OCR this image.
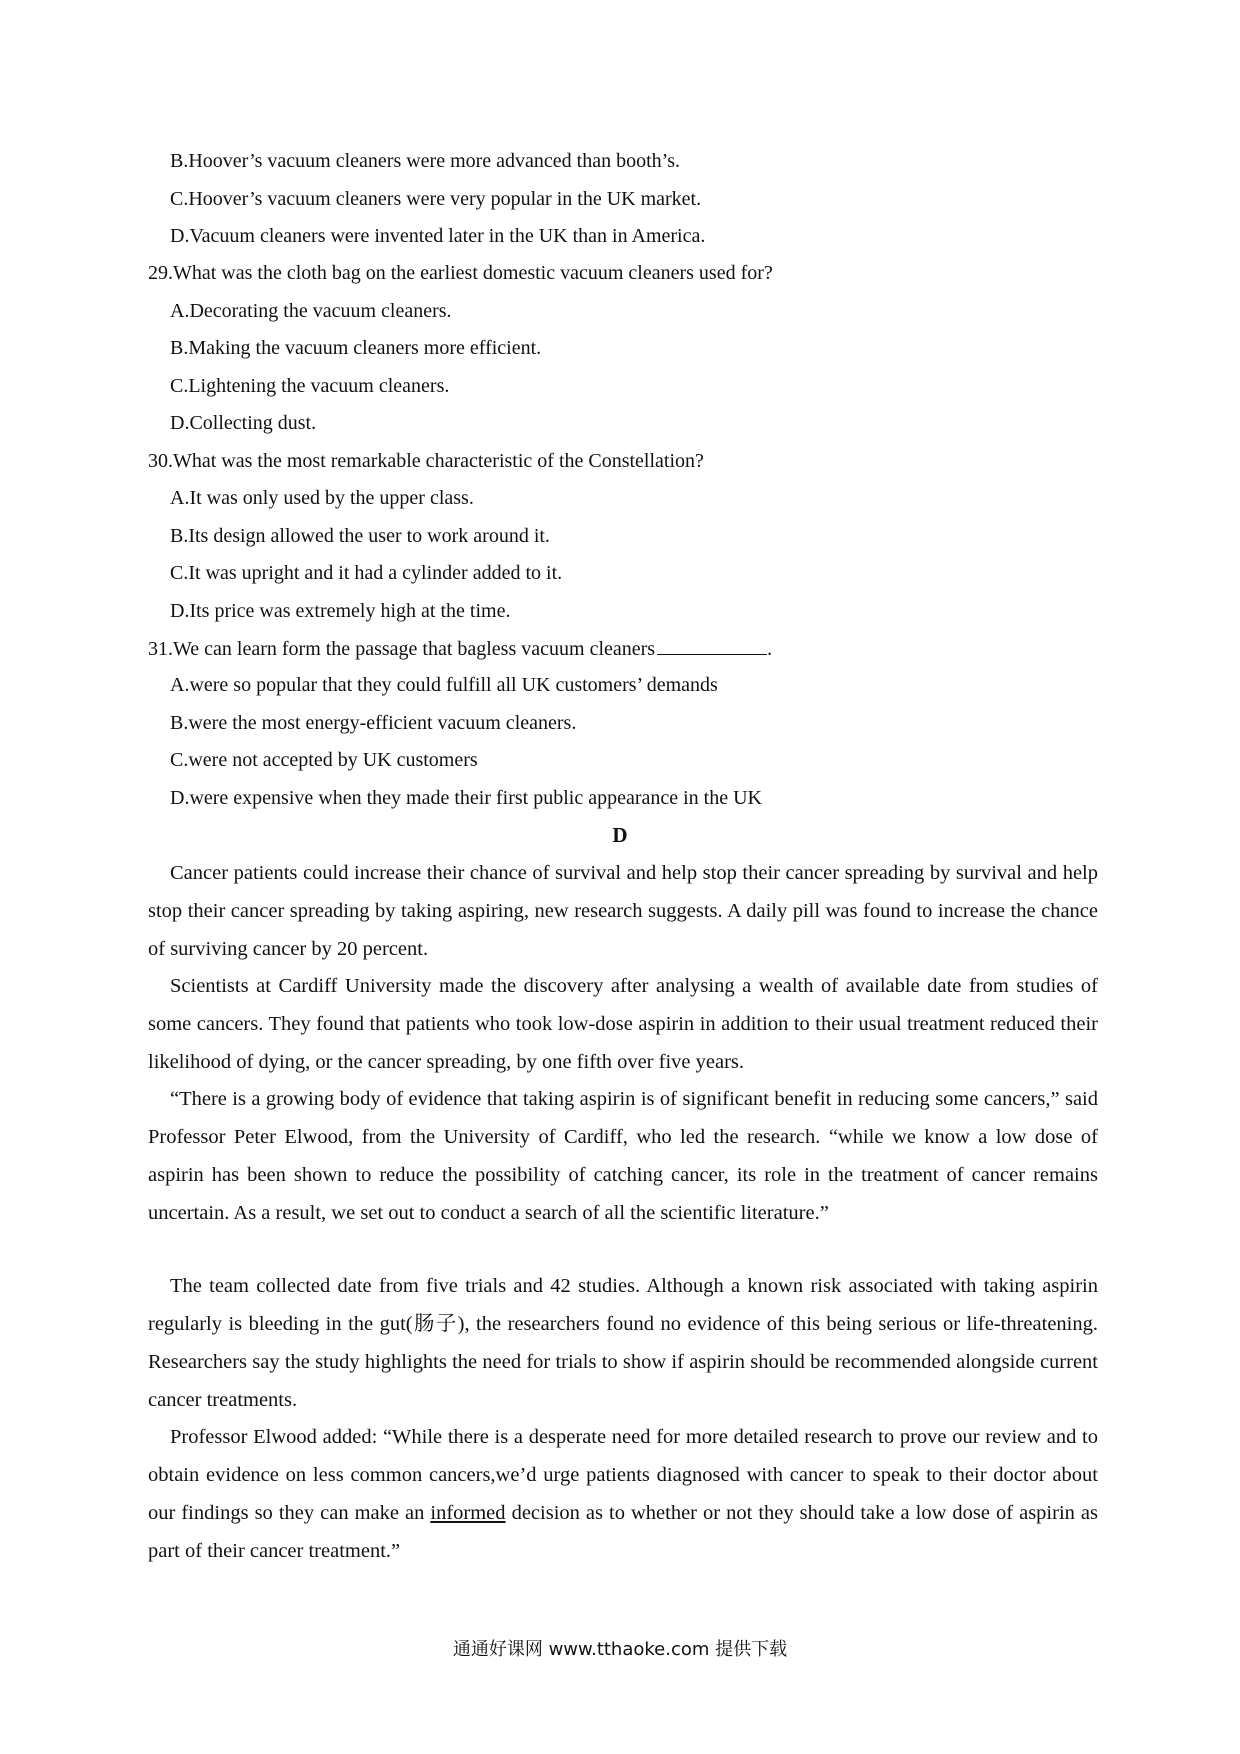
B.Hoover’s vacuum cleaners were more advanced than booth’s.
C.Hoover’s vacuum cleaners were very popular in the UK market.
D.Vacuum cleaners were invented later in the UK than in America.
29.What was the cloth bag on the earliest domestic vacuum cleaners used for?
A.Decorating the vacuum cleaners.
B.Making the vacuum cleaners more efficient.
C.Lightening the vacuum cleaners.
D.Collecting dust.
30.What was the most remarkable characteristic of the Constellation?
A.It was only used by the upper class.
B.Its design allowed the user to work around it.
C.It was upright and it had a cylinder added to it.
D.Its price was extremely high at the time.
31.We can learn form the passage that bagless vacuum cleaners	.
A.were so popular that they could fulfill all UK customers’ demands
B.were the most energy-efficient vacuum cleaners.
C.were not accepted by UK customers
D.were expensive when they made their first public appearance in the UK
D

Cancer patients could increase their chance of survival and help stop their cancer spreading by survival and help stop their cancer spreading by taking aspiring, new research suggests. A daily pill was found to increase the chance of surviving cancer by 20 percent.

Scientists at Cardiff University made the discovery after analysing a wealth of available date from studies of some cancers. They found that patients who took low-dose aspirin in addition to their usual treatment reduced their likelihood of dying, or the cancer spreading, by one fifth over five years.

“There is a growing body of evidence that taking aspirin is of significant benefit in reducing some cancers,” said Professor Peter Elwood, from the University of Cardiff, who led the research. “while we know a low dose of aspirin has been shown to reduce the possibility of catching cancer, its role in the treatment of cancer remains uncertain. As a result, we set out to conduct a search of all the scientific literature.”

The team collected date from five trials and 42 studies. Although a known risk associated with taking aspirin regularly is bleeding in the gut(肠子), the researchers found no evidence of this being serious or life-threatening. Researchers say the study highlights the need for trials to show if aspirin should be recommended alongside current cancer treatments.

Professor Elwood added: “While there is a desperate need for more detailed research to prove our review and to obtain evidence on less common cancers,we’d urge patients diagnosed with cancer to speak to their doctor about our findings so they can make an informed decision as to whether or not they should take a low dose of aspirin as part of their cancer treatment.”

通通好课网 www.tthaoke.com 提供下载
